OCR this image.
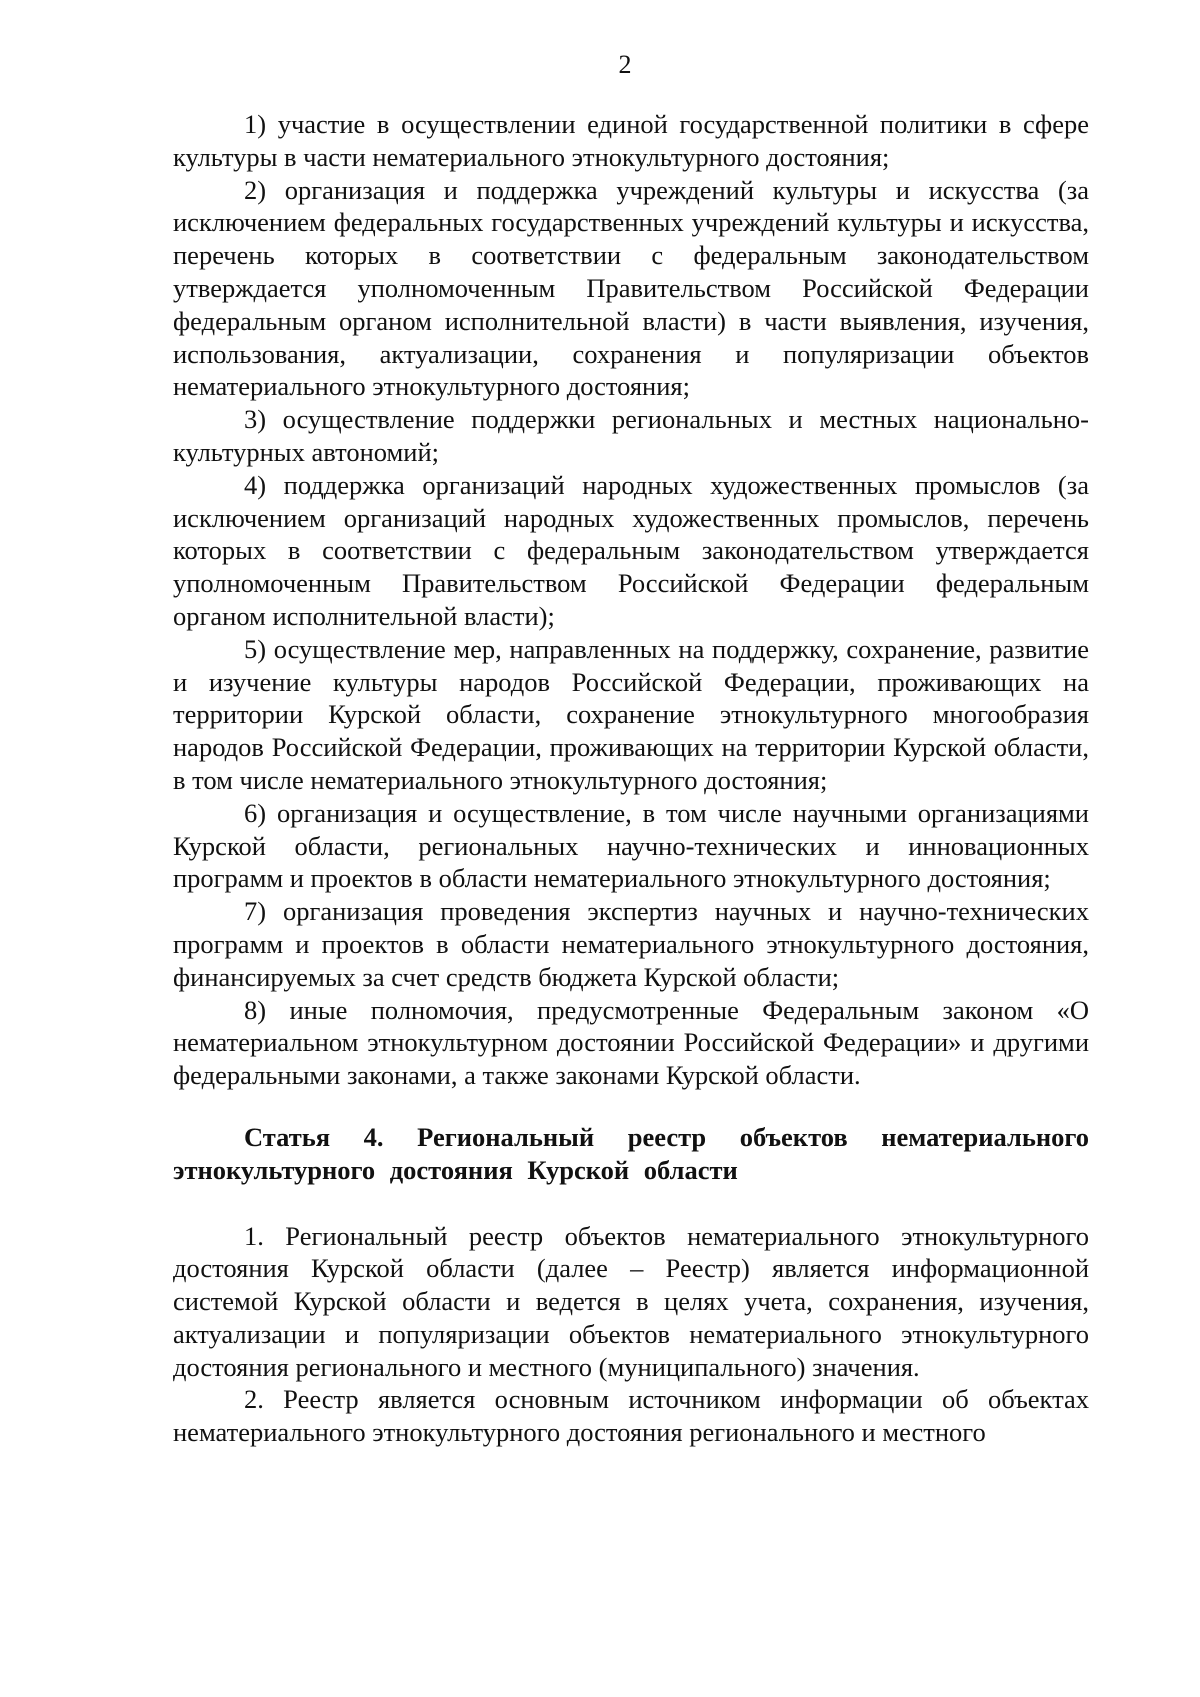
2

1) участие в осуществлении единой государственной политики в сфере культуры в части нематериального этнокультурного достояния;

2) организация и поддержка учреждений культуры и искусства (за исключением федеральных государственных учреждений культуры и искусства, перечень которых в соответствии с федеральным законодательством утверждается уполномоченным Правительством Российской Федерации федеральным органом исполнительной власти) в части выявления, изучения, использования, актуализации, сохранения и популяризации объектов нематериального этнокультурного достояния;

3) осуществление поддержки региональных и местных национально-культурных автономий;

4) поддержка организаций народных художественных промыслов (за исключением организаций народных художественных промыслов, перечень которых в соответствии с федеральным законодательством утверждается уполномоченным Правительством Российской Федерации федеральным органом исполнительной власти);

5) осуществление мер, направленных на поддержку, сохранение, развитие и изучение культуры народов Российской Федерации, проживающих на территории Курской области, сохранение этнокультурного многообразия народов Российской Федерации, проживающих на территории Курской области, в том числе нематериального этнокультурного достояния;

6) организация и осуществление, в том числе научными организациями Курской области, региональных научно-технических и инновационных программ и проектов в области нематериального этнокультурного достояния;

7) организация проведения экспертиз научных и научно-технических программ и проектов в области нематериального этнокультурного достояния, финансируемых за счет средств бюджета Курской области;

8) иные полномочия, предусмотренные Федеральным законом «О нематериальном этнокультурном достоянии Российской Федерации» и другими федеральными законами, а также законами Курской области.

Статья 4. Региональный реестр объектов нематериального этнокультурного достояния Курской области

1. Региональный реестр объектов нематериального этнокультурного достояния Курской области (далее – Реестр) является информационной системой Курской области и ведется в целях учета, сохранения, изучения, актуализации и популяризации объектов нематериального этнокультурного достояния регионального и местного (муниципального) значения.

2. Реестр является основным источником информации об объектах нематериального этнокультурного достояния регионального и местного
